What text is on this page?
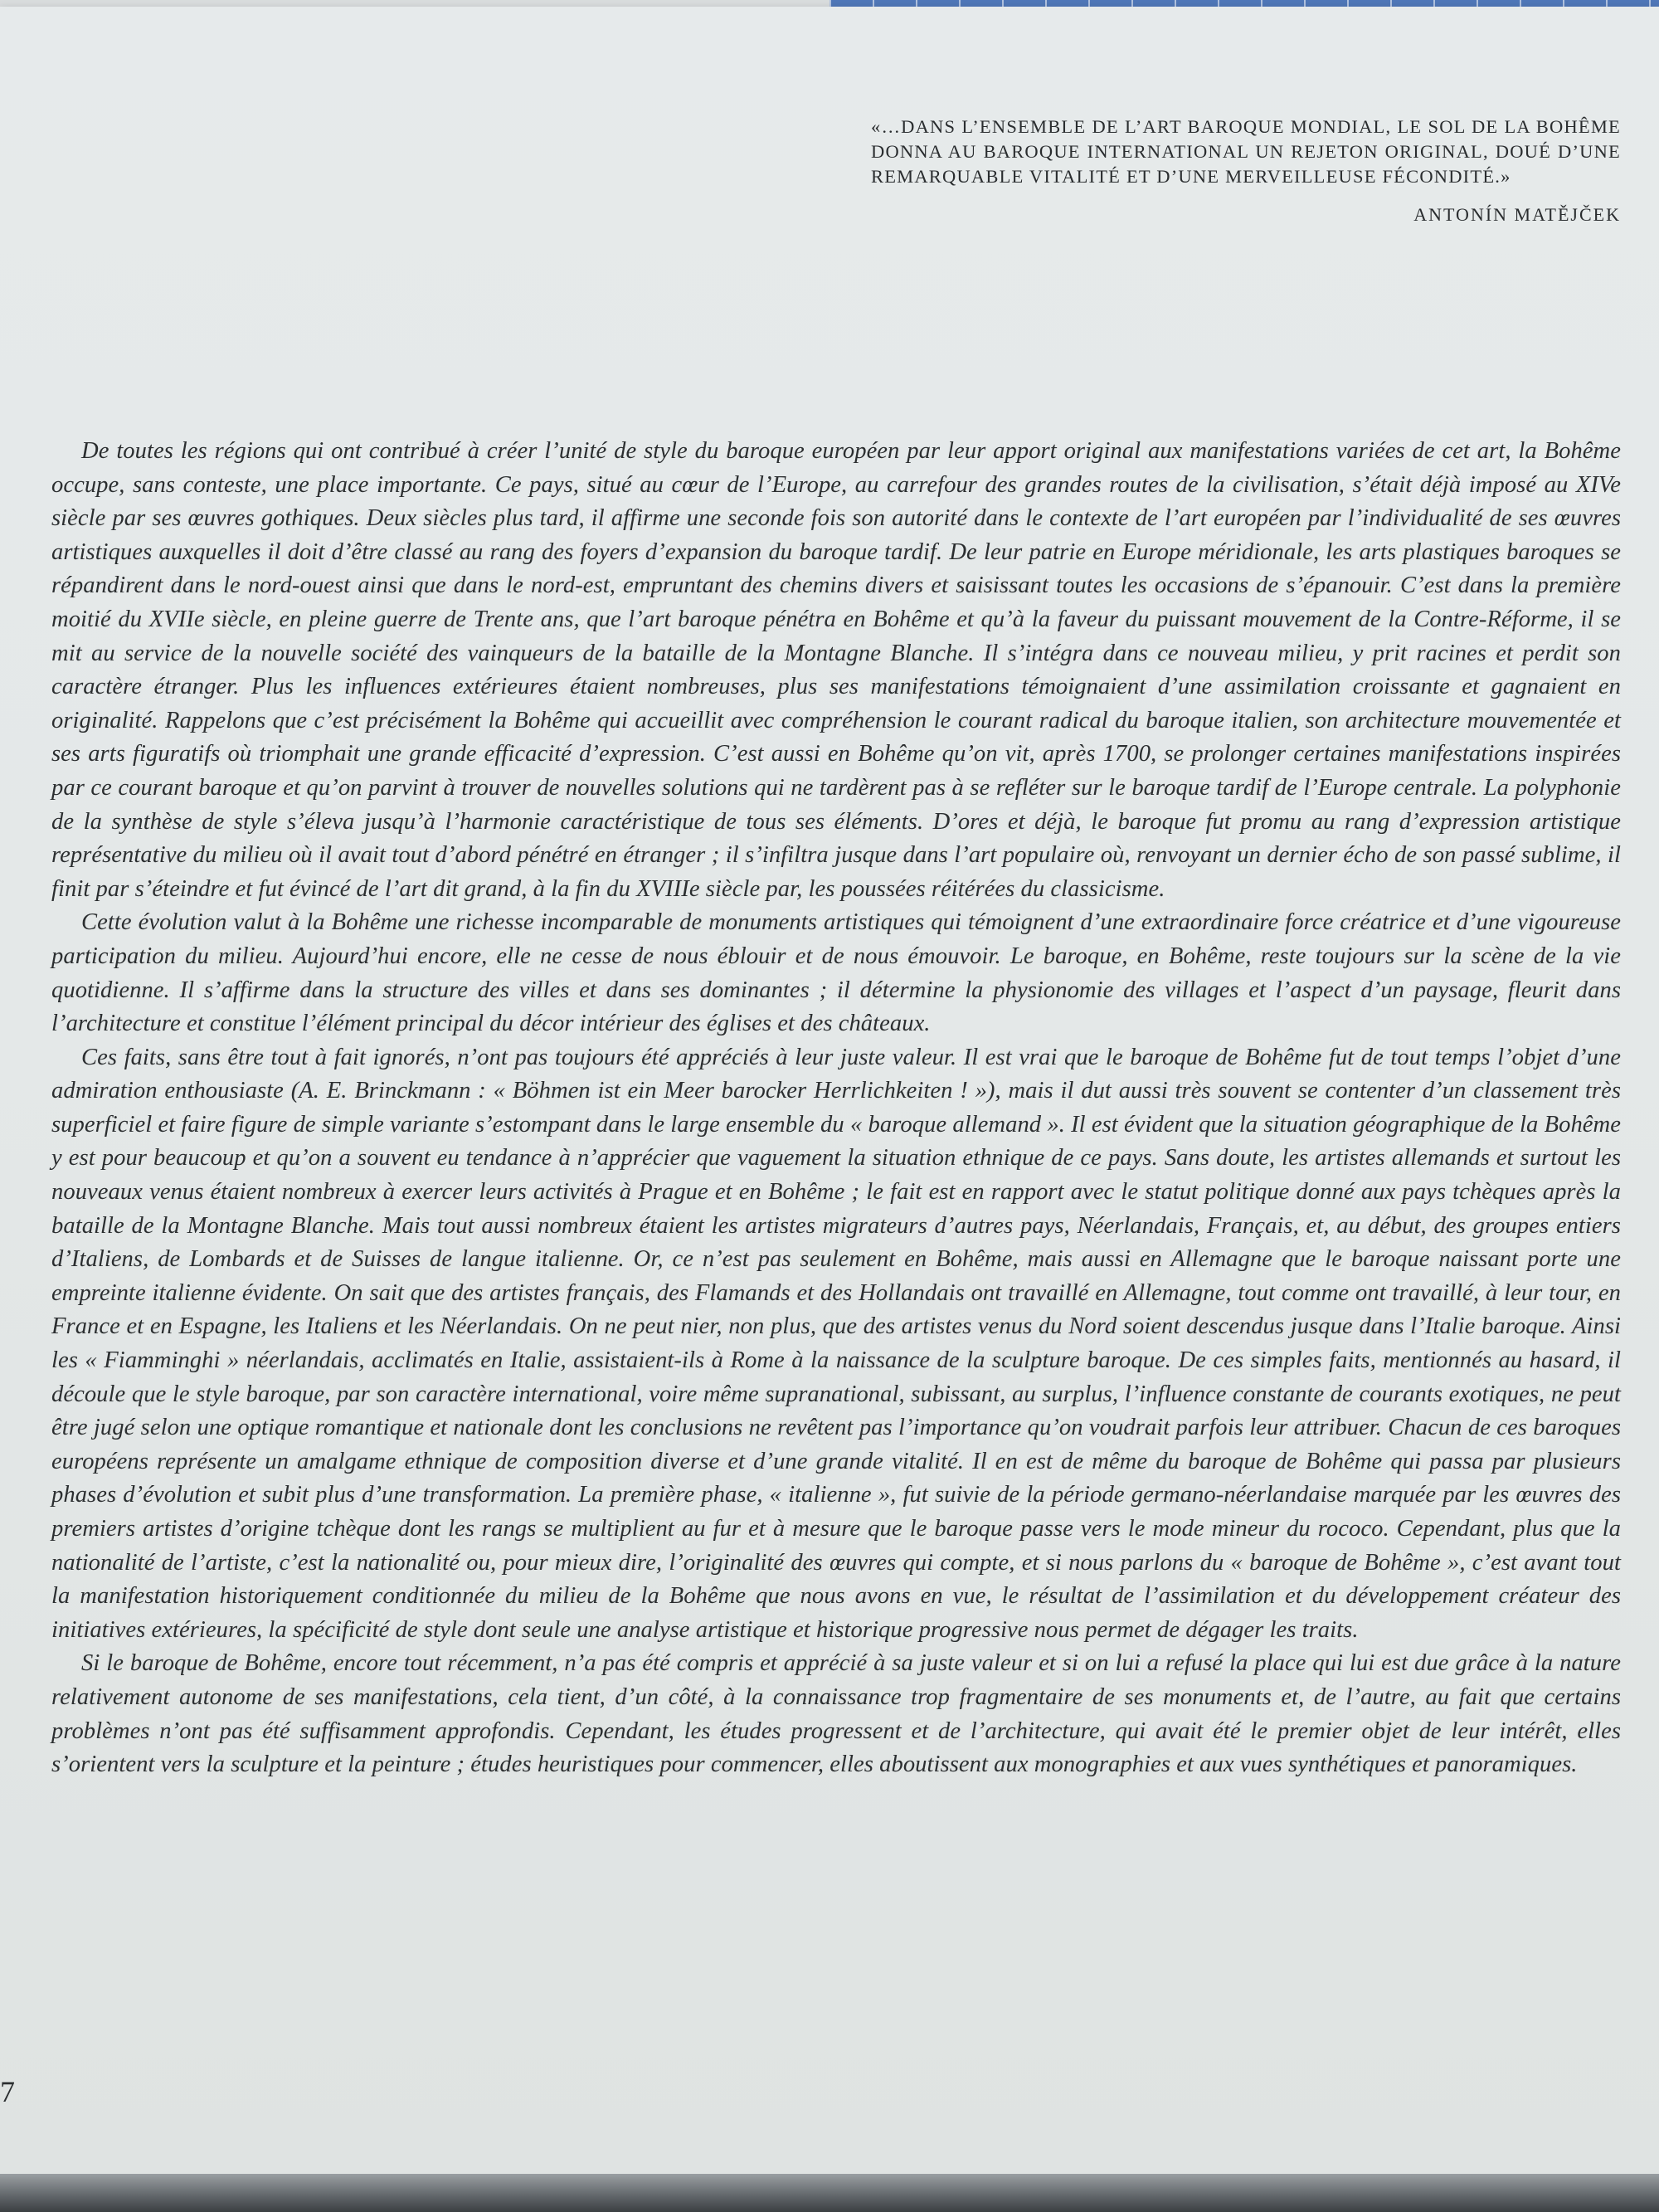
«…DANS L’ENSEMBLE DE L’ART BAROQUE MONDIAL, LE SOL DE LA BOHÊME DONNA AU BAROQUE INTERNATIONAL UN REJETON ORIGINAL, DOUÉ D’UNE REMARQUABLE VITALITÉ ET D’UNE MERVEILLEUSE FÉCONDITÉ.»

ANTONÍN MATĚJČEK

De toutes les régions qui ont contribué à créer l’unité de style du baroque européen par leur apport original aux manifestations variées de cet art, la Bohême occupe, sans conteste, une place importante. Ce pays, situé au cœur de l’Europe, au carrefour des grandes routes de la civilisation, s’était déjà imposé au XIVe siècle par ses œuvres gothiques. Deux siècles plus tard, il affirme une seconde fois son autorité dans le contexte de l’art européen par l’individualité de ses œuvres artistiques auxquelles il doit d’être classé au rang des foyers d’expansion du baroque tardif. De leur patrie en Europe méridionale, les arts plastiques baroques se répandirent dans le nord-ouest ainsi que dans le nord-est, empruntant des chemins divers et saisissant toutes les occasions de s’épanouir. C’est dans la première moitié du XVIIe siècle, en pleine guerre de Trente ans, que l’art baroque pénétra en Bohême et qu’à la faveur du puissant mouvement de la Contre-Réforme, il se mit au service de la nouvelle société des vainqueurs de la bataille de la Montagne Blanche. Il s’intégra dans ce nouveau milieu, y prit racines et perdit son caractère étranger. Plus les influences extérieures étaient nombreuses, plus ses manifestations témoignaient d’une assimilation croissante et gagnaient en originalité. Rappelons que c’est précisément la Bohême qui accueillit avec compréhension le courant radical du baroque italien, son architecture mouvementée et ses arts figuratifs où triomphait une grande efficacité d’expression. C’est aussi en Bohême qu’on vit, après 1700, se prolonger certaines manifestations inspirées par ce courant baroque et qu’on parvint à trouver de nouvelles solutions qui ne tardèrent pas à se refléter sur le baroque tardif de l’Europe centrale. La polyphonie de la synthèse de style s’éleva jusqu’à l’harmonie caractéristique de tous ses éléments. D’ores et déjà, le baroque fut promu au rang d’expression artistique représentative du milieu où il avait tout d’abord pénétré en étranger ; il s’infiltra jusque dans l’art populaire où, renvoyant un dernier écho de son passé sublime, il finit par s’éteindre et fut évincé de l’art dit grand, à la fin du XVIIIe siècle par, les poussées réitérées du classicisme.

Cette évolution valut à la Bohême une richesse incomparable de monuments artistiques qui témoignent d’une extraordinaire force créatrice et d’une vigoureuse participation du milieu. Aujourd’hui encore, elle ne cesse de nous éblouir et de nous émouvoir. Le baroque, en Bohême, reste toujours sur la scène de la vie quotidienne. Il s’affirme dans la structure des villes et dans ses dominantes ; il détermine la physionomie des villages et l’aspect d’un paysage, fleurit dans l’architecture et constitue l’élément principal du décor intérieur des églises et des châteaux.

Ces faits, sans être tout à fait ignorés, n’ont pas toujours été appréciés à leur juste valeur. Il est vrai que le baroque de Bohême fut de tout temps l’objet d’une admiration enthousiaste (A. E. Brinckmann : « Böhmen ist ein Meer barocker Herrlichkeiten ! »), mais il dut aussi très souvent se contenter d’un classement très superficiel et faire figure de simple variante s’estompant dans le large ensemble du « baroque allemand ». Il est évident que la situation géographique de la Bohême y est pour beaucoup et qu’on a souvent eu tendance à n’apprécier que vaguement la situation ethnique de ce pays. Sans doute, les artistes allemands et surtout les nouveaux venus étaient nombreux à exercer leurs activités à Prague et en Bohême ; le fait est en rapport avec le statut politique donné aux pays tchèques après la bataille de la Montagne Blanche. Mais tout aussi nombreux étaient les artistes migrateurs d’autres pays, Néerlandais, Français, et, au début, des groupes entiers d’Italiens, de Lombards et de Suisses de langue italienne. Or, ce n’est pas seulement en Bohême, mais aussi en Allemagne que le baroque naissant porte une empreinte italienne évidente. On sait que des artistes français, des Flamands et des Hollandais ont travaillé en Allemagne, tout comme ont travaillé, à leur tour, en France et en Espagne, les Italiens et les Néerlandais. On ne peut nier, non plus, que des artistes venus du Nord soient descendus jusque dans l’Italie baroque. Ainsi les « Fiamminghi » néerlandais, acclimatés en Italie, assistaient-ils à Rome à la naissance de la sculpture baroque. De ces simples faits, mentionnés au hasard, il découle que le style baroque, par son caractère international, voire même supranational, subissant, au surplus, l’influence constante de courants exotiques, ne peut être jugé selon une optique romantique et nationale dont les conclusions ne revêtent pas l’importance qu’on voudrait parfois leur attribuer. Chacun de ces baroques européens représente un amalgame ethnique de composition diverse et d’une grande vitalité. Il en est de même du baroque de Bohême qui passa par plusieurs phases d’évolution et subit plus d’une transformation. La première phase, « italienne », fut suivie de la période germano-néerlandaise marquée par les œuvres des premiers artistes d’origine tchèque dont les rangs se multiplient au fur et à mesure que le baroque passe vers le mode mineur du rococo. Cependant, plus que la nationalité de l’artiste, c’est la nationalité ou, pour mieux dire, l’originalité des œuvres qui compte, et si nous parlons du « baroque de Bohême », c’est avant tout la manifestation historiquement conditionnée du milieu de la Bohême que nous avons en vue, le résultat de l’assimilation et du développement créateur des initiatives extérieures, la spécificité de style dont seule une analyse artistique et historique progressive nous permet de dégager les traits.

Si le baroque de Bohême, encore tout récemment, n’a pas été compris et apprécié à sa juste valeur et si on lui a refusé la place qui lui est due grâce à la nature relativement autonome de ses manifestations, cela tient, d’un côté, à la connaissance trop fragmentaire de ses monuments et, de l’autre, au fait que certains problèmes n’ont pas été suffisamment approfondis. Cependant, les études progressent et de l’architecture, qui avait été le premier objet de leur intérêt, elles s’orientent vers la sculpture et la peinture ; études heuristiques pour commencer, elles aboutissent aux monographies et aux vues synthétiques et panoramiques.

7
